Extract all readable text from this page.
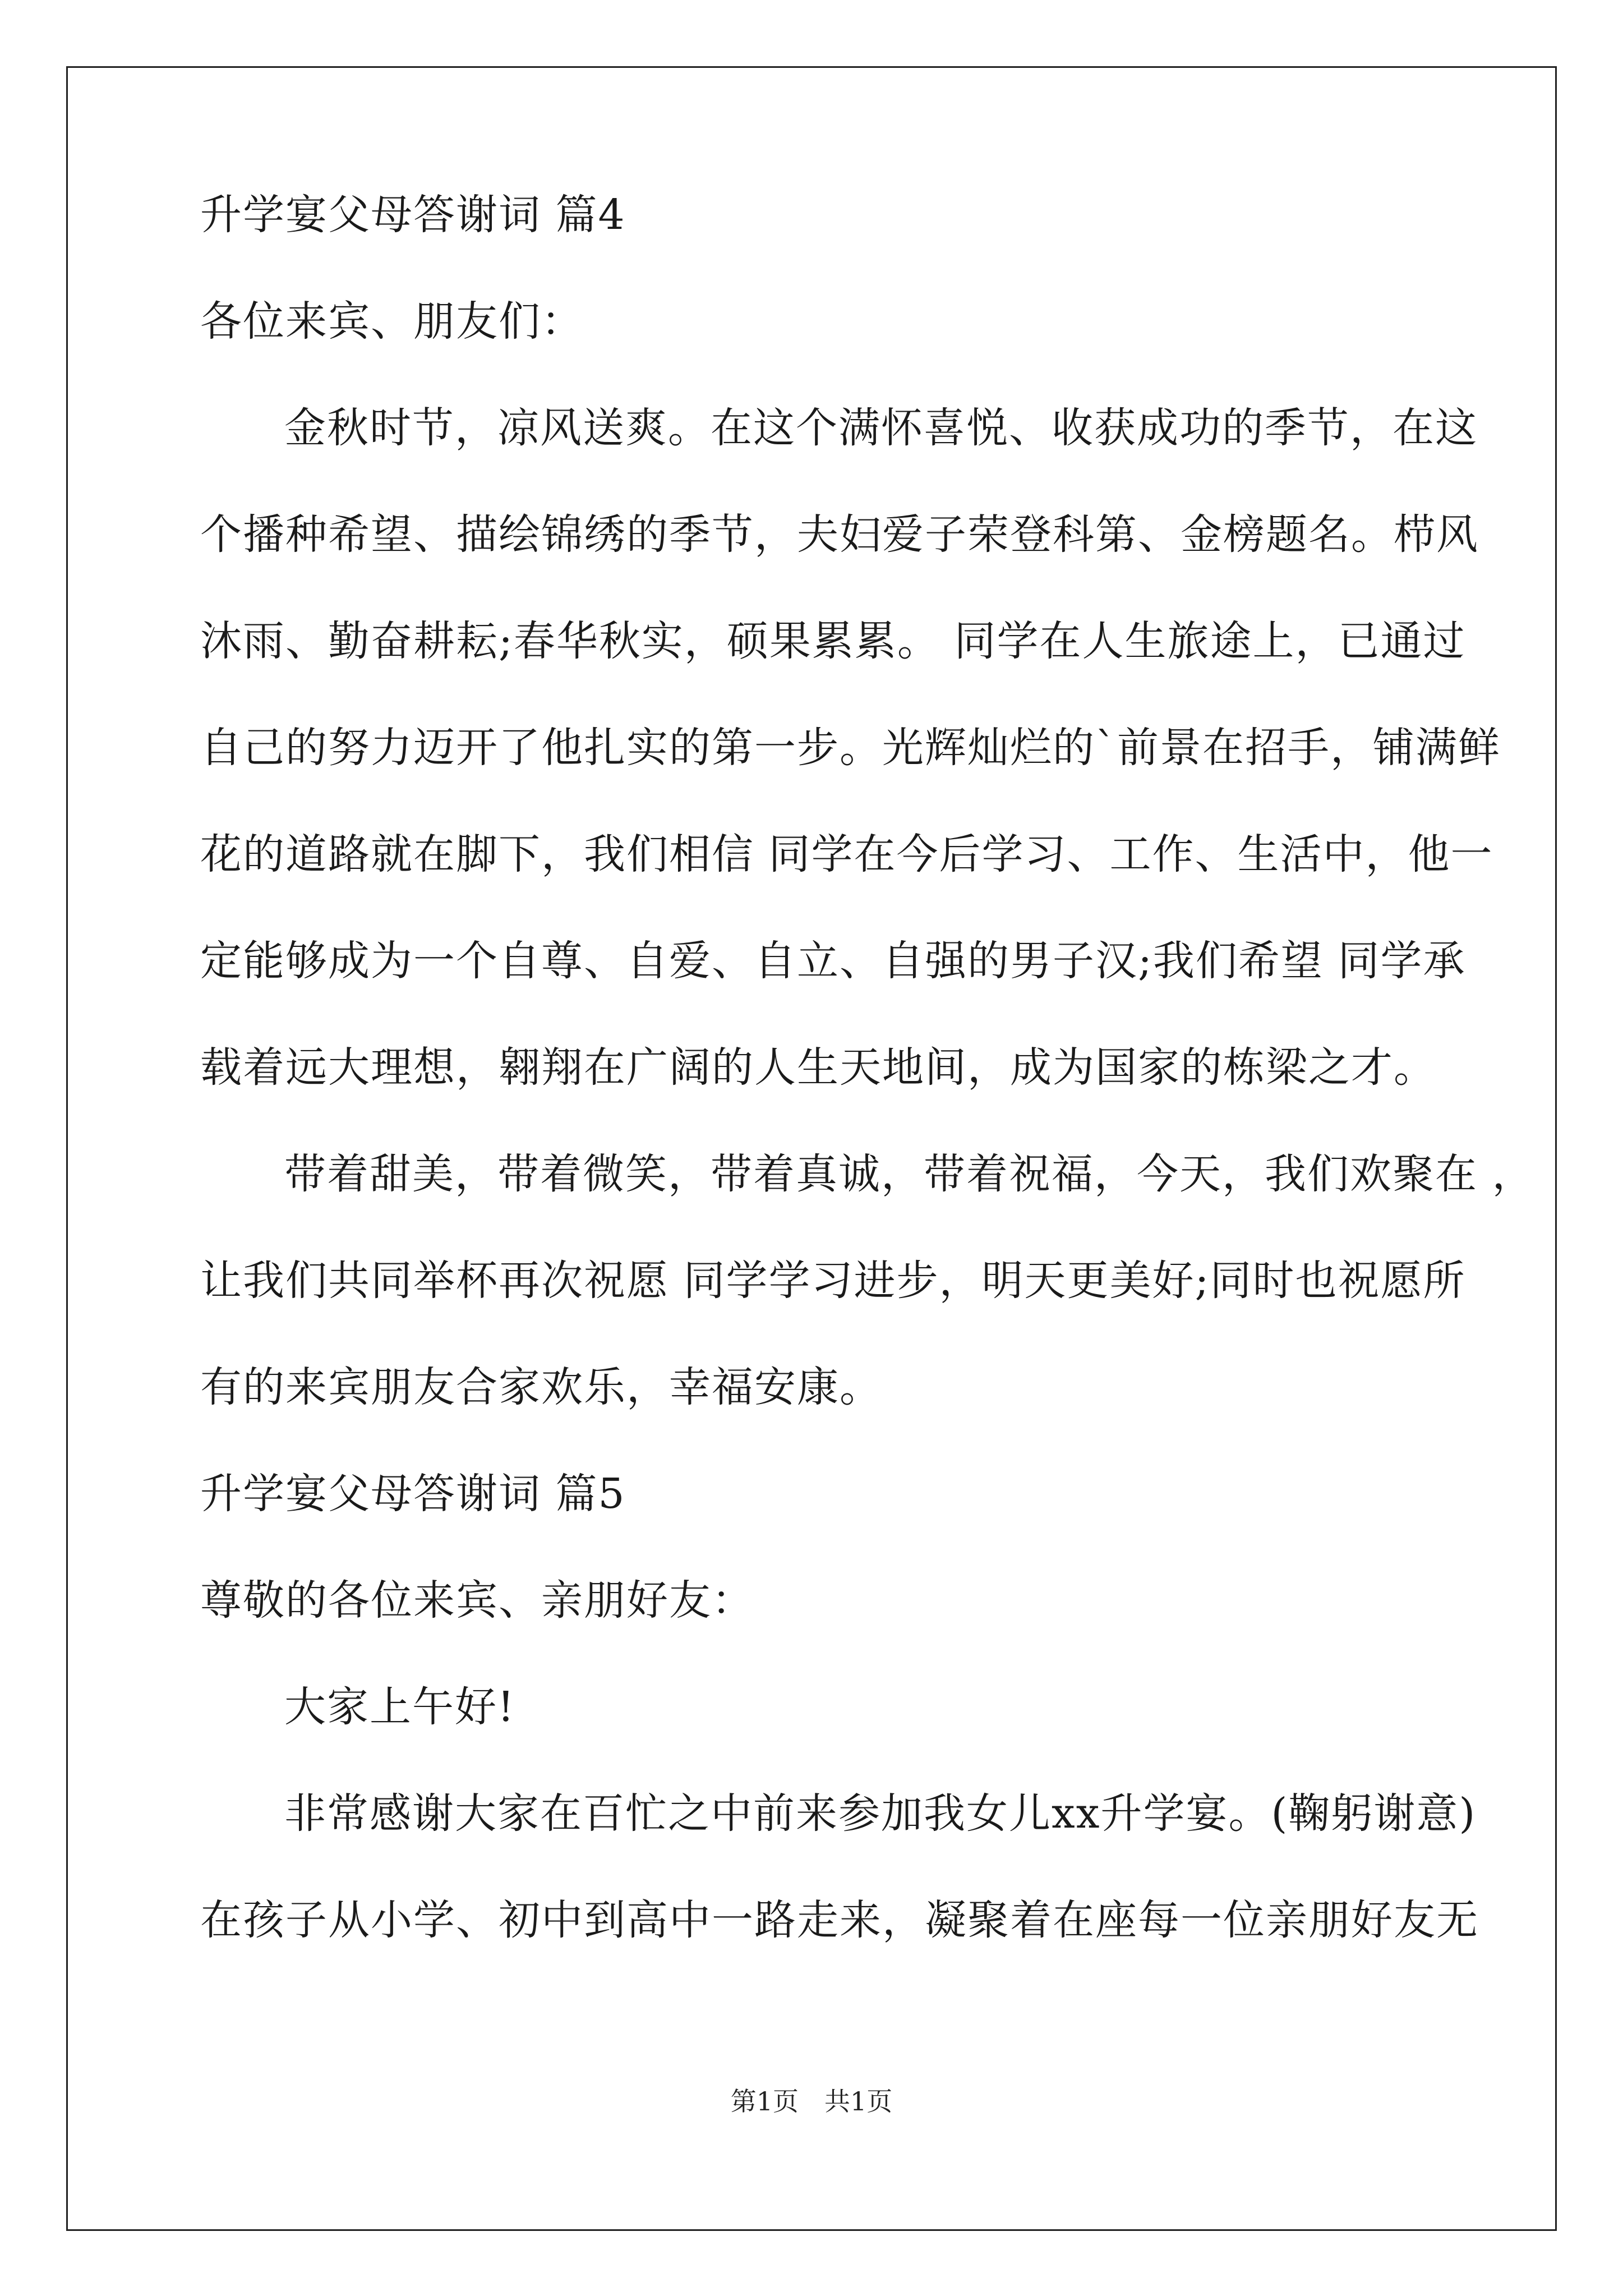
升学宴父母答谢词 篇4
各位来宾、朋友们：
金秋时节，凉风送爽。在这个满怀喜悦、收获成功的季节，在这
个播种希望、描绘锦绣的季节，夫妇爱子荣登科第、金榜题名。栉风
沐雨、勤奋耕耘;春华秋实，硕果累累。 同学在人生旅途上，已通过
自己的努力迈开了他扎实的第一步。光辉灿烂的`前景在招手，铺满鲜
花的道路就在脚下，我们相信 同学在今后学习、工作、生活中，他一
定能够成为一个自尊、自爱、自立、自强的男子汉;我们希望 同学承
载着远大理想，翱翔在广阔的人生天地间，成为国家的栋梁之才。
带着甜美，带着微笑，带着真诚，带着祝福，今天，我们欢聚在 ，
让我们共同举杯再次祝愿 同学学习进步，明天更美好;同时也祝愿所
有的来宾朋友合家欢乐，幸福安康。
升学宴父母答谢词 篇5
尊敬的各位来宾、亲朋好友：
大家上午好!
非常感谢大家在百忙之中前来参加我女儿xx升学宴。(鞠躬谢意)
在孩子从小学、初中到高中一路走来，凝聚着在座每一位亲朋好友无
第1页　共1页
